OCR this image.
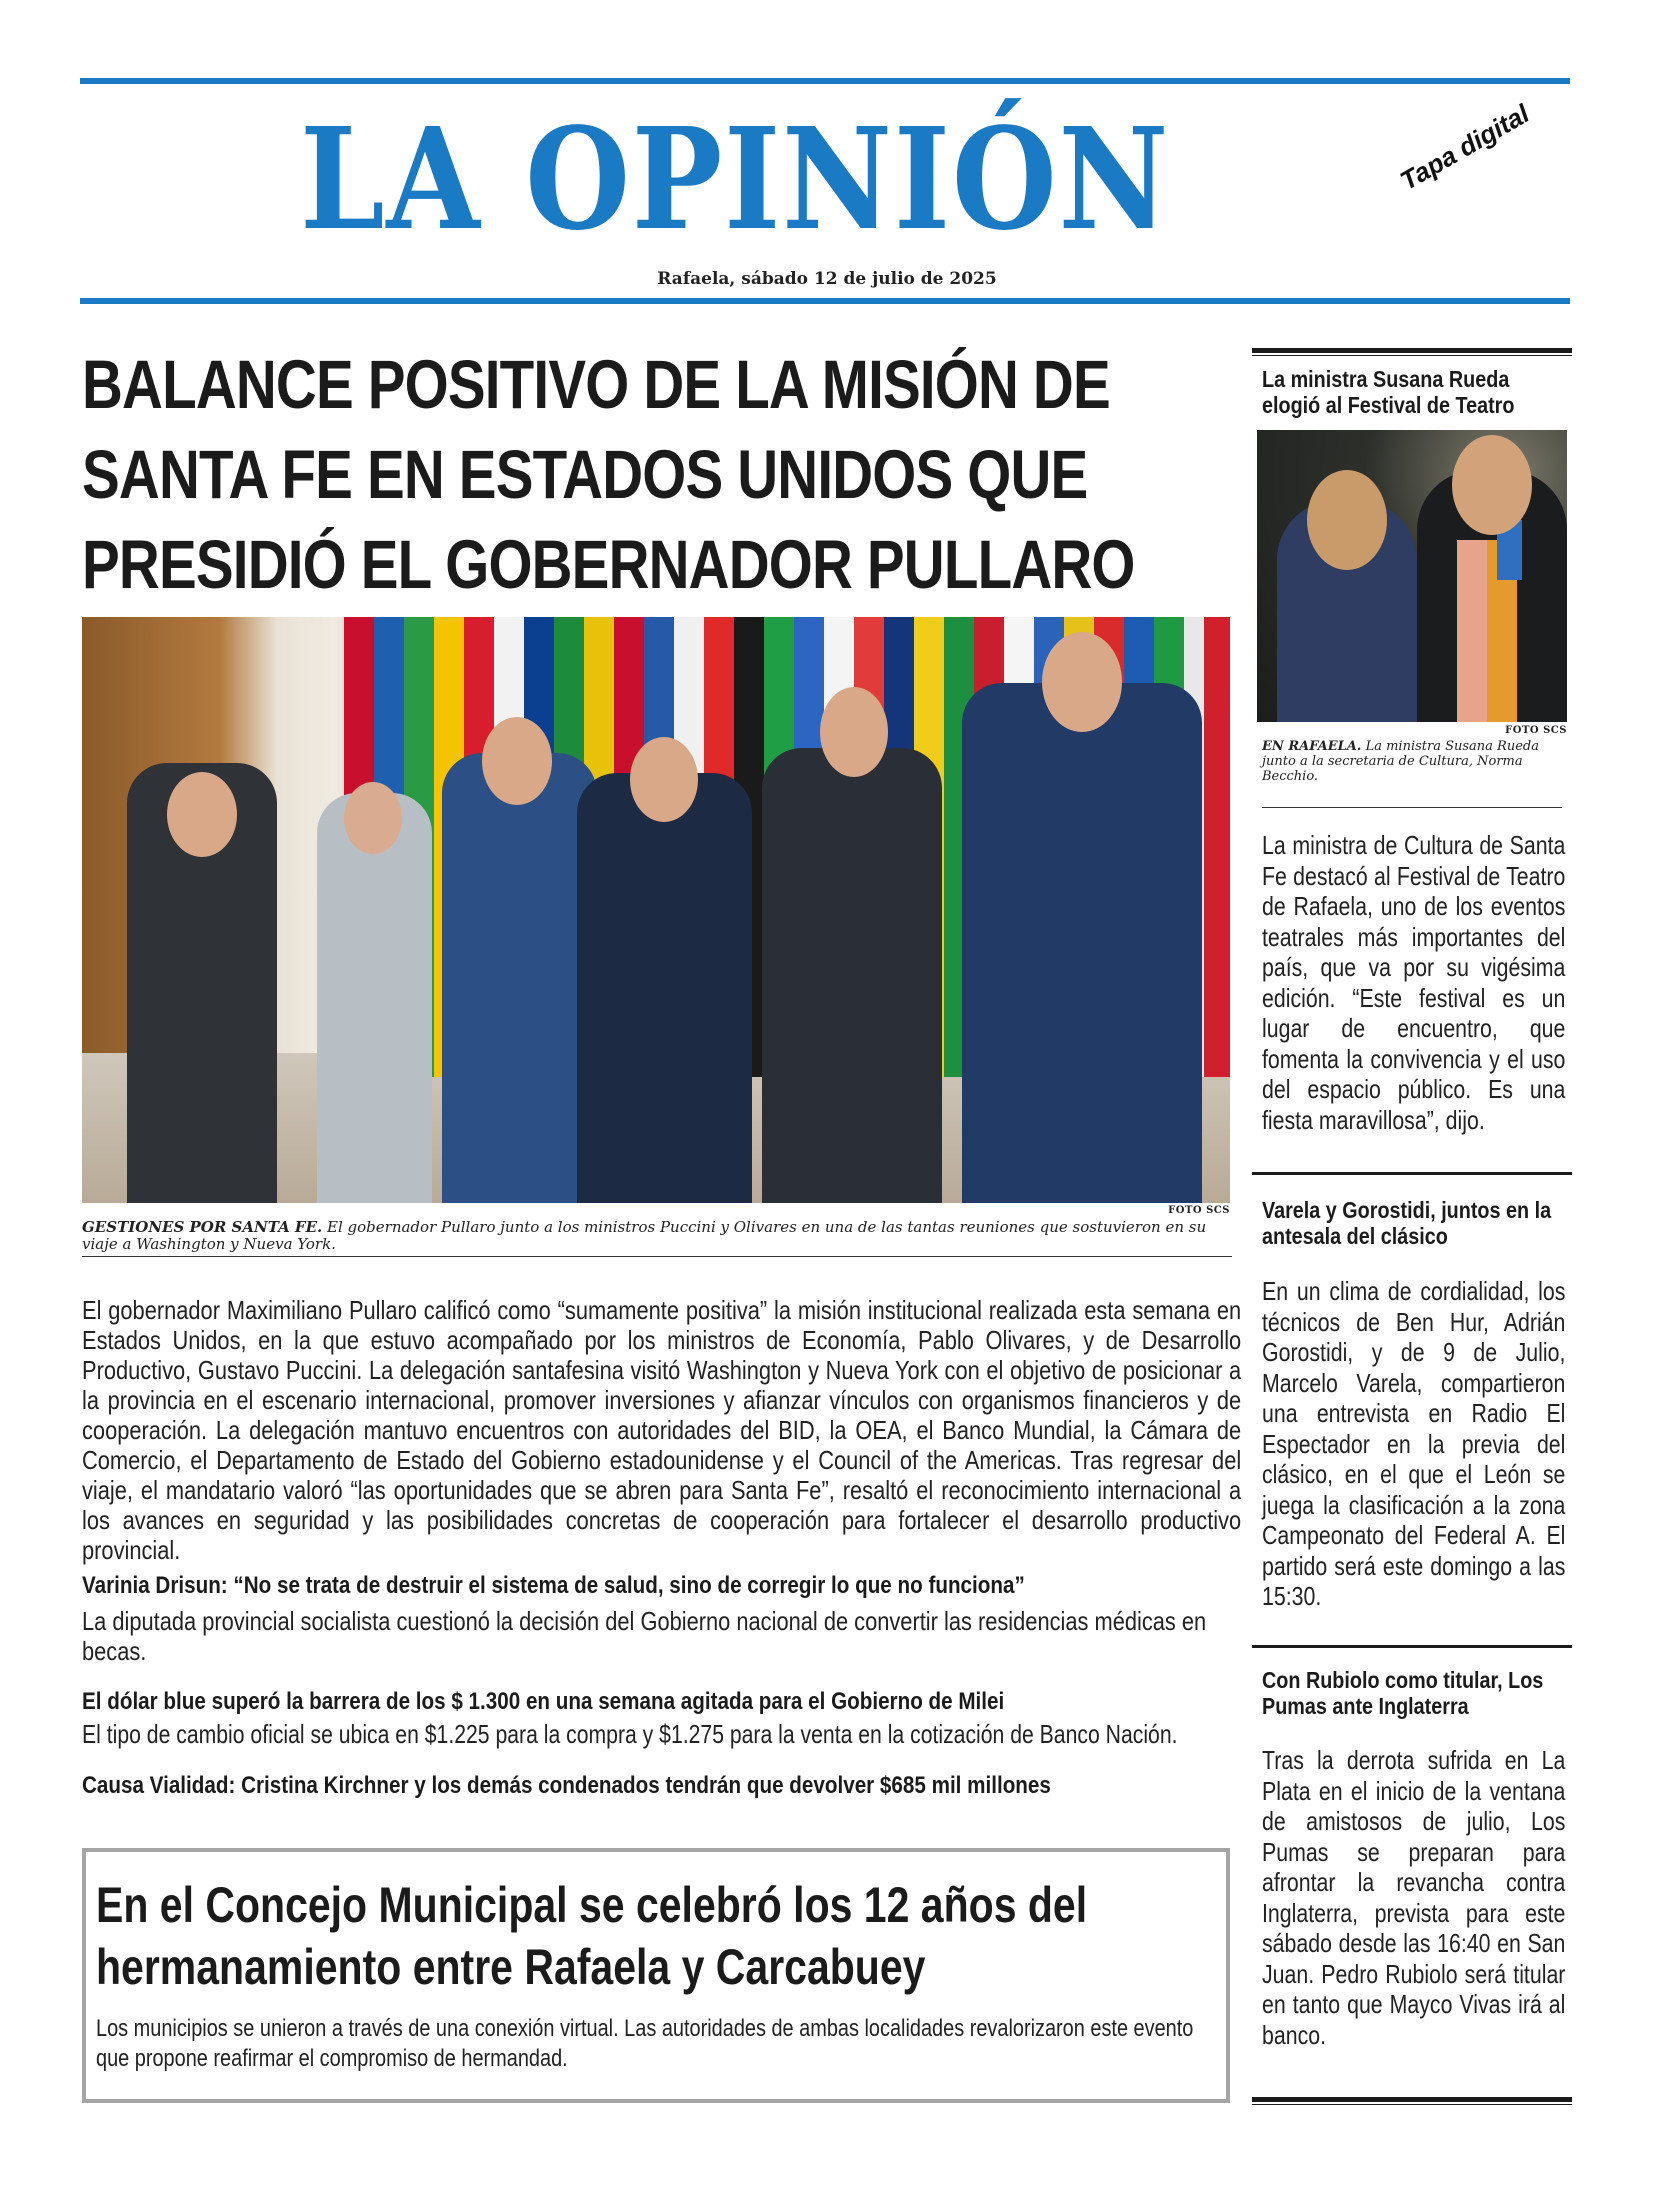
LA OPINIÓN	Tapa digital
Rafaela, sábado 12 de julio de 2025
BALANCE POSITIVO DE LA MISIÓN DE SANTA FE EN ESTADOS UNIDOS QUE PRESIDIÓ EL GOBERNADOR PULLARO
FOTO SCS
GESTIONES POR SANTA FE. El gobernador Pullaro junto a los ministros Puccini y Olivares en una de las tantas reuniones que sostuvieron en su viaje a Washington y Nueva York.

El gobernador Maximiliano Pullaro calificó como “sumamente positiva” la misión institucional realizada esta semana en Estados Unidos, en la que estuvo acompañado por los ministros de Economía, Pablo Olivares, y de Desarrollo Productivo, Gustavo Puccini. La delegación santafesina visitó Washington y Nueva York con el objetivo de posicionar a la provincia en el escenario internacional, promover inversiones y afianzar vínculos con organismos financieros y de cooperación. La delegación mantuvo encuentros con autoridades del BID, la OEA, el Banco Mundial, la Cámara de Comercio, el Departamento de Estado del Gobierno estadounidense y el Council of the Americas. Tras regresar del viaje, el mandatario valoró “las oportunidades que se abren para Santa Fe”, resaltó el reconocimiento internacional a los avances en seguridad y las posibilidades concretas de cooperación para fortalecer el desarrollo productivo provincial.

Varinia Drisun: “No se trata de destruir el sistema de salud, sino de corregir lo que no funciona”
La diputada provincial socialista cuestionó la decisión del Gobierno nacional de convertir las residencias médicas en becas.
El dólar blue superó la barrera de los $ 1.300 en una semana agitada para el Gobierno de Milei
El tipo de cambio oficial se ubica en $1.225 para la compra y $1.275 para la venta en la cotización de Banco Nación.
Causa Vialidad: Cristina Kirchner y los demás condenados tendrán que devolver $685 mil millones
En el Concejo Municipal se celebró los 12 años del hermanamiento entre Rafaela y Carcabuey
Los municipios se unieron a través de una conexión virtual. Las autoridades de ambas localidades revalorizaron este evento que propone reafirmar el compromiso de hermandad.
La ministra Susana Rueda elogió al Festival de Teatro
FOTO SCS
EN RAFAELA. La ministra Susana Rueda junto a la secretaria de Cultura, Norma Becchio.
La ministra de Cultura de Santa Fe destacó al Festival de Teatro de Rafaela, uno de los eventos teatrales más importantes del país, que va por su vigésima edición. “Este festival es un lugar de encuentro, que fomenta la convivencia y el uso del espacio público. Es una fiesta maravillosa”, dijo.
Varela y Gorostidi, juntos en la antesala del clásico
En un clima de cordialidad, los técnicos de Ben Hur, Adrián Gorostidi, y de 9 de Julio, Marcelo Varela, compartieron una entrevista en Radio El Espectador en la previa del clásico, en el que el León se juega la clasificación a la zona Campeonato del Federal A. El partido será este domingo a las 15:30.
Con Rubiolo como titular, Los Pumas ante Inglaterra
Tras la derrota sufrida en La Plata en el inicio de la ventana de amistosos de julio, Los Pumas se preparan para afrontar la revancha contra Inglaterra, prevista para este sábado desde las 16:40 en San Juan. Pedro Rubiolo será titular en tanto que Mayco Vivas irá al banco.
